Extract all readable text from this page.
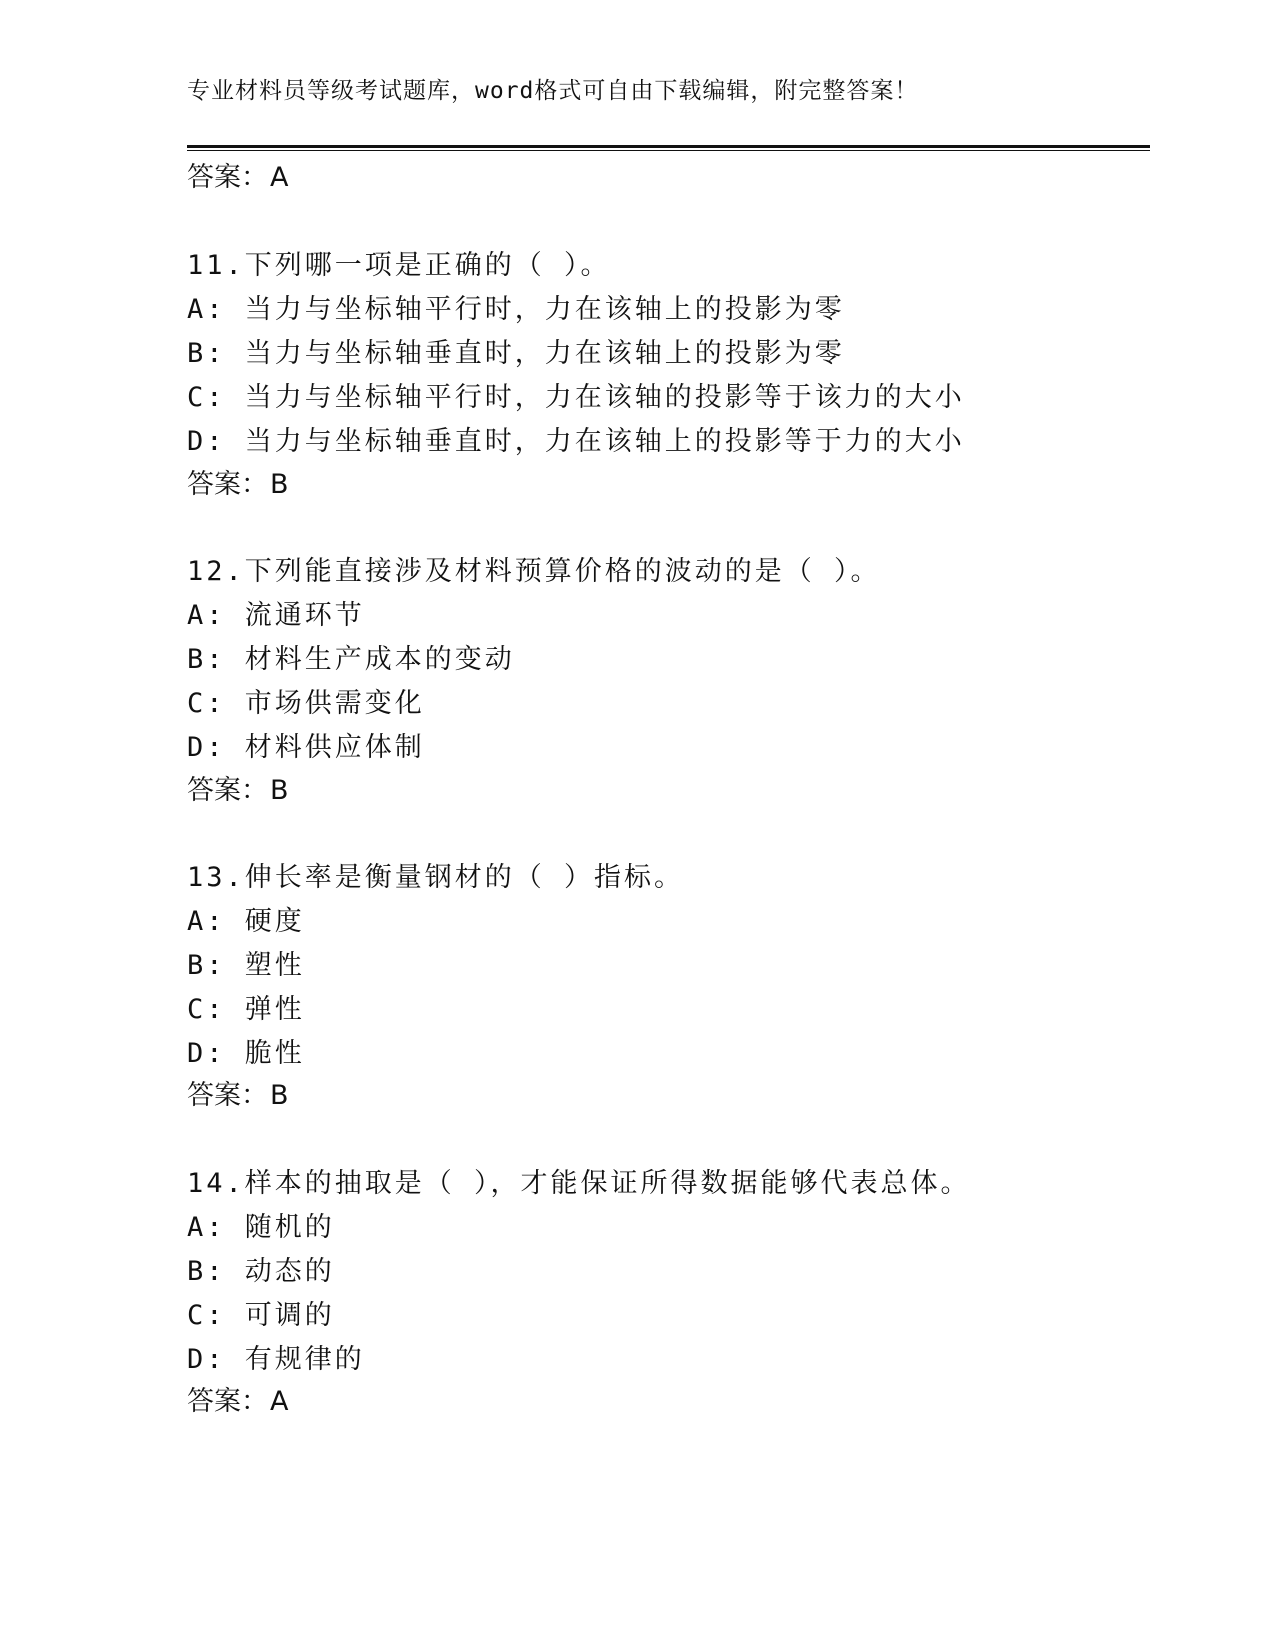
专业材料员等级考试题库，word格式可自由下载编辑，附完整答案！
答案：A
11.下列哪一项是正确的（ ）。
A: 当力与坐标轴平行时，力在该轴上的投影为零
B: 当力与坐标轴垂直时，力在该轴上的投影为零
C: 当力与坐标轴平行时，力在该轴的投影等于该力的大小
D: 当力与坐标轴垂直时，力在该轴上的投影等于力的大小
答案：B
12.下列能直接涉及材料预算价格的波动的是（ ）。
A: 流通环节
B: 材料生产成本的变动
C: 市场供需变化
D: 材料供应体制
答案：B
13.伸长率是衡量钢材的（ ）指标。
A: 硬度
B: 塑性
C: 弹性
D: 脆性
答案：B
14.样本的抽取是（ ），才能保证所得数据能够代表总体。
A: 随机的
B: 动态的
C: 可调的
D: 有规律的
答案：A
